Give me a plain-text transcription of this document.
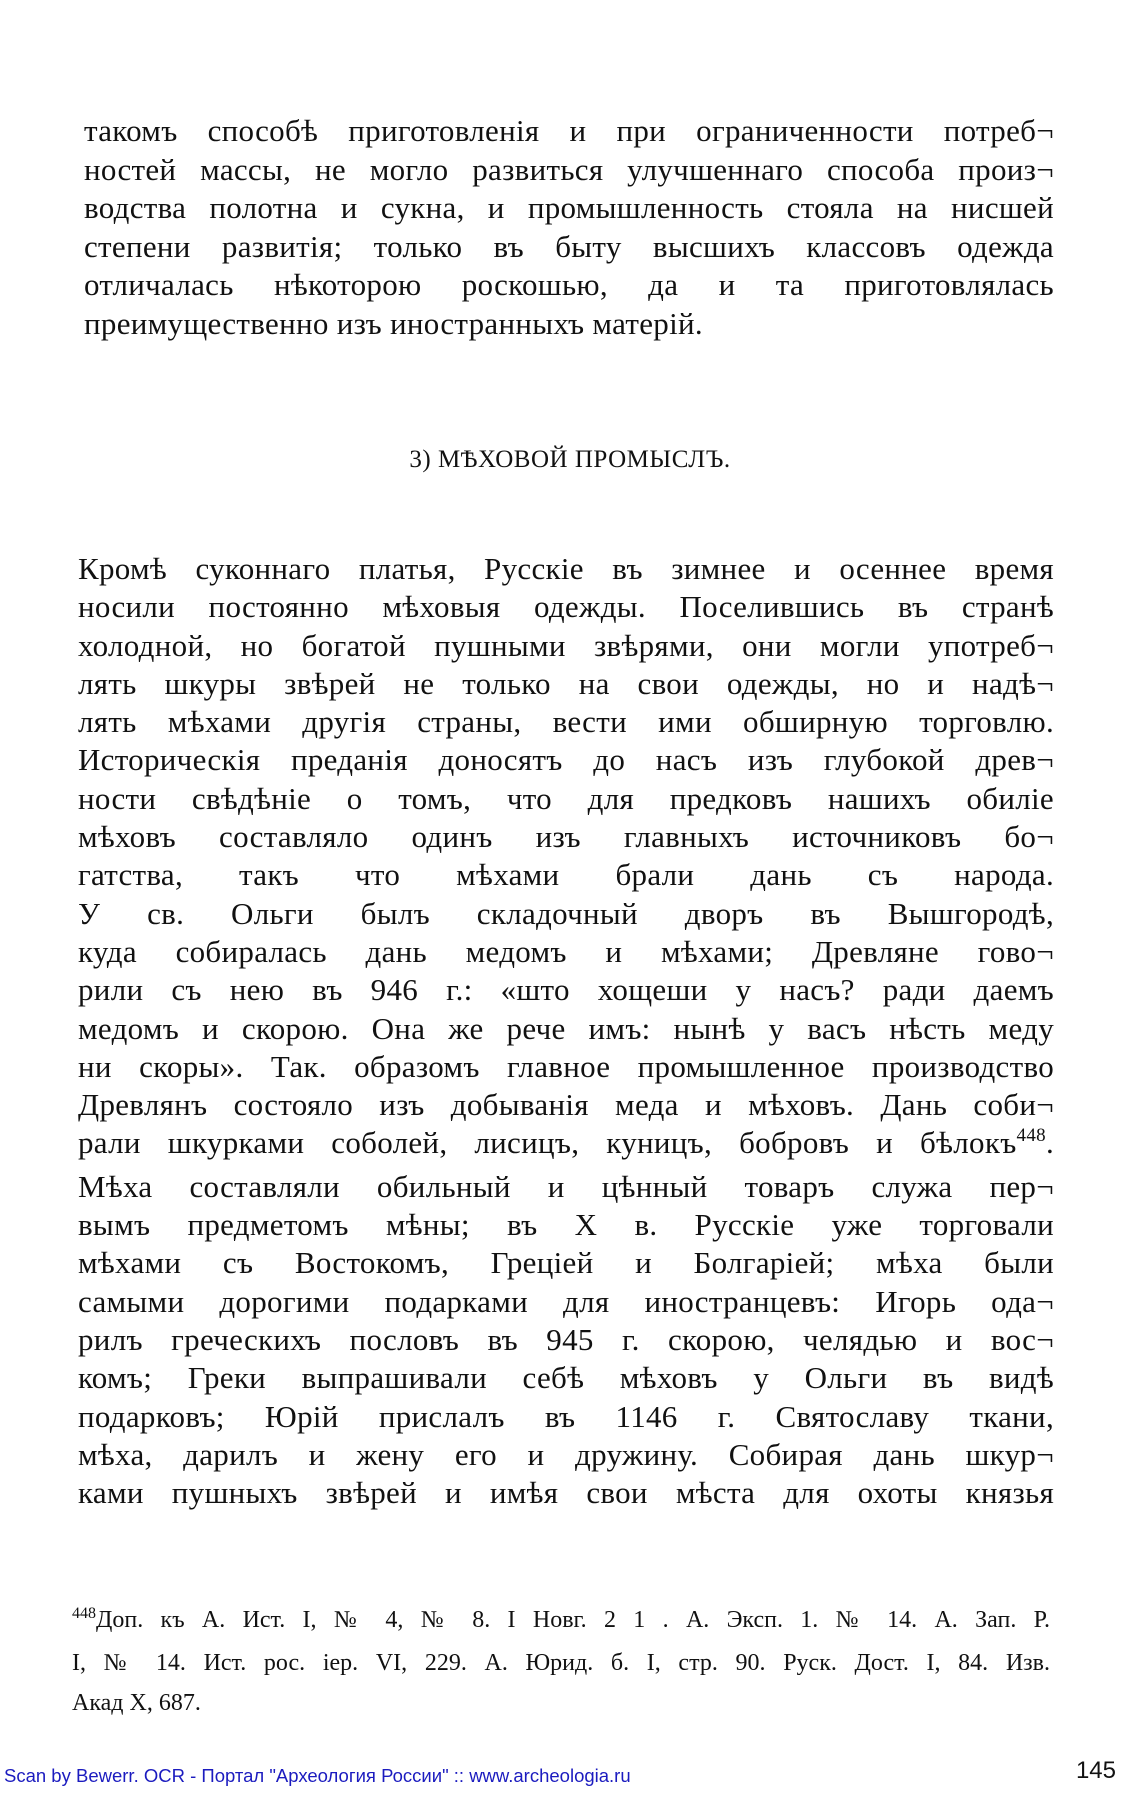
такомъ способѣ приготовленія и при ограниченности потреб¬
ностей массы, не могло развиться улучшеннаго способа произ¬
водства полотна и сукна, и промышленность стояла на нисшей
степени развитія; только въ быту высшихъ классовъ одежда
отличалась нѣкоторою роскошью, да и та приготовлялась
преимущественно изъ иностранныхъ матерій.
3) МѢХОВОЙ ПРОМЫСЛЪ.
Кромѣ суконнаго платья, Русскіе въ зимнее и осеннее время
носили постоянно мѣховыя одежды. Поселившись въ странѣ
холодной, но богатой пушными звѣрями, они могли употреб¬
лять шкуры звѣрей не только на свои одежды, но и надѣ¬
лять мѣхами другія страны, вести ими обширную торговлю.
Историческія преданія доносятъ до насъ изъ глубокой древ¬
ности свѣдѣніе о томъ, что для предковъ нашихъ обиліе
мѣховъ составляло одинъ изъ главныхъ источниковъ бо¬
гатства, такъ что мѣхами брали дань съ народа.
У св. Ольги былъ складочный дворъ въ Вышгородѣ,
куда собиралась дань медомъ и мѣхами; Древляне гово¬
рили съ нею въ 946 г.: «што хощеши у насъ? ради даемъ
медомъ и скорою. Она же рече имъ: нынѣ у васъ нѣсть меду
ни скоры». Так. образомъ главное промышленное производство
Древлянъ состояло изъ добыванія меда и мѣховъ. Дань соби¬
рали шкурками соболей, лисицъ, куницъ, бобровъ и бѣлокъ$^{448}$.
Мѣха составляли обильный и цѣнный товаръ служа пер¬
вымъ предметомъ мѣны; въ X в. Русскіе уже торговали
мѣхами съ Востокомъ, Греціей и Болгаріей; мѣха были
самыми дорогими подарками для иностранцевъ: Игорь ода¬
рилъ греческихъ пословъ въ 945 г. скорою, челядью и вос¬
комъ; Греки выпрашивали себѣ мѣховъ у Ольги въ видѣ
подарковъ; Юрій прислалъ въ 1146 г. Святославу ткани,
мѣха, дарилъ и жену его и дружину. Собирая дань шкур¬
ками пушныхъ звѣрей и имѣя свои мѣста для охоты князья
$^{448}$Доп. къ А. Ист. I, № 4, № 8. I Новг. 2 1 . А. Эксп. 1. № 14. А. Зап. Р.
I, № 14. Ист. рос. іер. VI, 229. А. Юрид. б. I, стр. 90. Руск. Дост. I, 84. Изв.
Акад X, 687.
Scan by Bewerr. OCR - Портал "Археология России" :: www.archeologia.ru	145
